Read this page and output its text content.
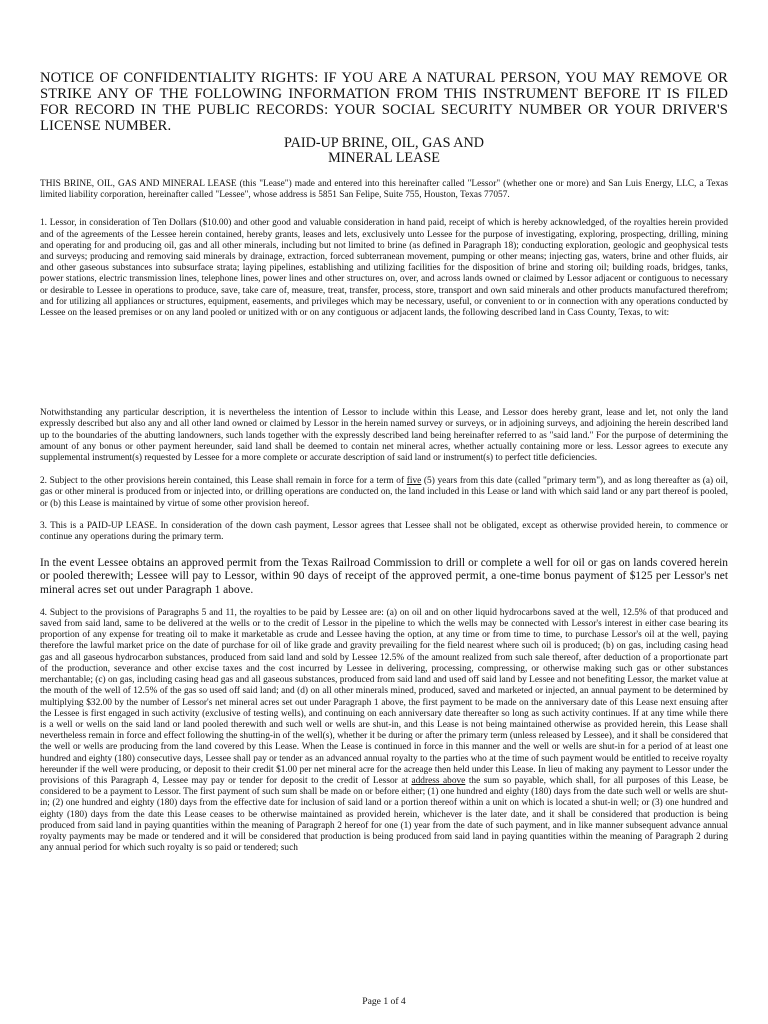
NOTICE OF CONFIDENTIALITY RIGHTS: IF YOU ARE A NATURAL PERSON, YOU MAY REMOVE OR STRIKE ANY OF THE FOLLOWING INFORMATION FROM THIS INSTRUMENT BEFORE IT IS FILED FOR RECORD IN THE PUBLIC RECORDS: YOUR SOCIAL SECURITY NUMBER OR YOUR DRIVER'S LICENSE NUMBER.

PAID-UP BRINE, OIL, GAS AND
MINERAL LEASE

THIS BRINE, OIL, GAS AND MINERAL LEASE (this "Lease") made and entered into this hereinafter called "Lessor" (whether one or more) and San Luis Energy, LLC, a Texas limited liability corporation, hereinafter called "Lessee", whose address is 5851 San Felipe, Suite 755, Houston, Texas 77057.

1. Lessor, in consideration of Ten Dollars ($10.00) and other good and valuable consideration in hand paid, receipt of which is hereby acknowledged, of the royalties herein provided and of the agreements of the Lessee herein contained, hereby grants, leases and lets, exclusively unto Lessee for the purpose of investigating, exploring, prospecting, drilling, mining and operating for and producing oil, gas and all other minerals, including but not limited to brine (as defined in Paragraph 18); conducting exploration, geologic and geophysical tests and surveys; producing and removing said minerals by drainage, extraction, forced subterranean movement, pumping or other means; injecting gas, waters, brine and other fluids, air and other gaseous substances into subsurface strata; laying pipelines, establishing and utilizing facilities for the disposition of brine and storing oil; building roads, bridges, tanks, power stations, electric transmission lines, telephone lines, power lines and other structures on, over, and across lands owned or claimed by Lessor adjacent or contiguous to necessary or desirable to Lessee in operations to produce, save, take care of, measure, treat, transfer, process, store, transport and own said minerals and other products manufactured therefrom; and for utilizing all appliances or structures, equipment, easements, and privileges which may be necessary, useful, or convenient to or in connection with any operations conducted by Lessee on the leased premises or on any land pooled or unitized with or on any contiguous or adjacent lands, the following described land in Cass County, Texas, to wit:

Notwithstanding any particular description, it is nevertheless the intention of Lessor to include within this Lease, and Lessor does hereby grant, lease and let, not only the land expressly described but also any and all other land owned or claimed by Lessor in the herein named survey or surveys, or in adjoining surveys, and adjoining the herein described land up to the boundaries of the abutting landowners, such lands together with the expressly described land being hereinafter referred to as "said land." For the purpose of determining the amount of any bonus or other payment hereunder, said land shall be deemed to contain net mineral acres, whether actually containing more or less. Lessor agrees to execute any supplemental instrument(s) requested by Lessee for a more complete or accurate description of said land or instrument(s) to perfect title deficiencies.

2. Subject to the other provisions herein contained, this Lease shall remain in force for a term of five (5) years from this date (called "primary term"), and as long thereafter as (a) oil, gas or other mineral is produced from or injected into, or drilling operations are conducted on, the land included in this Lease or land with which said land or any part thereof is pooled, or (b) this Lease is maintained by virtue of some other provision hereof.

3. This is a PAID-UP LEASE. In consideration of the down cash payment, Lessor agrees that Lessee shall not be obligated, except as otherwise provided herein, to commence or continue any operations during the primary term.

In the event Lessee obtains an approved permit from the Texas Railroad Commission to drill or complete a well for oil or gas on lands covered herein or pooled therewith; Lessee will pay to Lessor, within 90 days of receipt of the approved permit, a one-time bonus payment of $125 per Lessor's net mineral acres set out under Paragraph 1 above.

4. Subject to the provisions of Paragraphs 5 and 11, the royalties to be paid by Lessee are: (a) on oil and on other liquid hydrocarbons saved at the well, 12.5% of that produced and saved from said land, same to be delivered at the wells or to the credit of Lessor in the pipeline to which the wells may be connected with Lessor's interest in either case bearing its proportion of any expense for treating oil to make it marketable as crude and Lessee having the option, at any time or from time to time, to purchase Lessor's oil at the well, paying therefore the lawful market price on the date of purchase for oil of like grade and gravity prevailing for the field nearest where such oil is produced; (b) on gas, including casing head gas and all gaseous hydrocarbon substances, produced from said land and sold by Lessee 12.5% of the amount realized from such sale thereof, after deduction of a proportionate part of the production, severance and other excise taxes and the cost incurred by Lessee in delivering, processing, compressing, or otherwise making such gas or other substances merchantable; (c) on gas, including casing head gas and all gaseous substances, produced from said land and used off said land by Lessee and not benefiting Lessor, the market value at the mouth of the well of 12.5% of the gas so used off said land; and (d) on all other minerals mined, produced, saved and marketed or injected, an annual payment to be determined by multiplying $32.00 by the number of Lessor's net mineral acres set out under Paragraph 1 above, the first payment to be made on the anniversary date of this Lease next ensuing after the Lessee is first engaged in such activity (exclusive of testing wells), and continuing on each anniversary date thereafter so long as such activity continues. If at any time while there is a well or wells on the said land or land pooled therewith and such well or wells are shut-in, and this Lease is not being maintained otherwise as provided herein, this Lease shall nevertheless remain in force and effect following the shutting-in of the well(s), whether it be during or after the primary term (unless released by Lessee), and it shall be considered that the well or wells are producing from the land covered by this Lease. When the Lease is continued in force in this manner and the well or wells are shut-in for a period of at least one hundred and eighty (180) consecutive days, Lessee shall pay or tender as an advanced annual royalty to the parties who at the time of such payment would be entitled to receive royalty hereunder if the well were producing, or deposit to their credit $1.00 per net mineral acre for the acreage then held under this Lease. In lieu of making any payment to Lessor under the provisions of this Paragraph 4, Lessee may pay or tender for deposit to the credit of Lessor at address above the sum so payable, which shall, for all purposes of this Lease, be considered to be a payment to Lessor. The first payment of such sum shall be made on or before either; (1) one hundred and eighty (180) days from the date such well or wells are shut-in; (2) one hundred and eighty (180) days from the effective date for inclusion of said land or a portion thereof within a unit on which is located a shut-in well; or (3) one hundred and eighty (180) days from the date this Lease ceases to be otherwise maintained as provided herein, whichever is the later date, and it shall be considered that production is being produced from said land in paying quantities within the meaning of Paragraph 2 hereof for one (1) year from the date of such payment, and in like manner subsequent advance annual royalty payments may be made or tendered and it will be considered that production is being produced from said land in paying quantities within the meaning of Paragraph 2 during any annual period for which such royalty is so paid or tendered; such

Page 1 of 4
